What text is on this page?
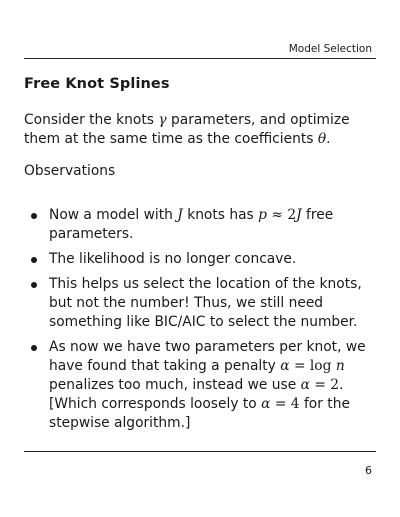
Model Selection
Free Knot Splines
Consider the knots γ parameters, and optimize them at the same time as the coefficients θ.
Observations
Now a model with J knots has p ≈ 2J free parameters.
The likelihood is no longer concave.
This helps us select the location of the knots, but not the number! Thus, we still need something like BIC/AIC to select the number.
As now we have two parameters per knot, we have found that taking a penalty α = log n penalizes too much, instead we use α = 2. [Which corresponds loosely to α = 4 for the stepwise algorithm.]
6
